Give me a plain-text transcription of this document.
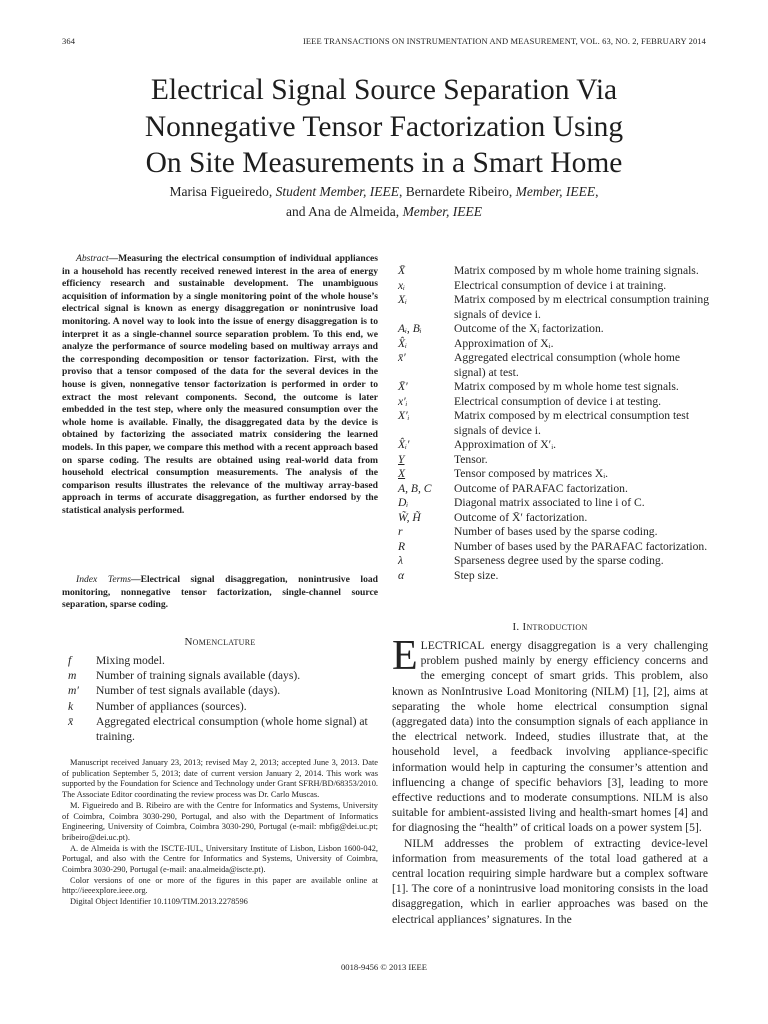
364	IEEE TRANSACTIONS ON INSTRUMENTATION AND MEASUREMENT, VOL. 63, NO. 2, FEBRUARY 2014
Electrical Signal Source Separation Via
Nonnegative Tensor Factorization Using
On Site Measurements in a Smart Home
Marisa Figueiredo, Student Member, IEEE, Bernardete Ribeiro, Member, IEEE,
and Ana de Almeida, Member, IEEE

Abstract—Measuring the electrical consumption of individual appliances in a household has recently received renewed interest in the area of energy efficiency research and sustainable development. The unambiguous acquisition of information by a single monitoring point of the whole house’s electrical signal is known as energy disaggregation or nonintrusive load monitoring. A novel way to look into the issue of energy disaggregation is to interpret it as a single-channel source separation problem. To this end, we analyze the performance of source modeling based on multiway arrays and the corresponding decomposition or tensor factorization. First, with the proviso that a tensor composed of the data for the several devices in the house is given, nonnegative tensor factorization is performed in order to extract the most relevant components. Second, the outcome is later embedded in the test step, where only the measured consumption over the whole home is available. Finally, the disaggregated data by the device is obtained by factorizing the associated matrix considering the learned models. In this paper, we compare this method with a recent approach based on sparse coding. The results are obtained using real-world data from household electrical consumption measurements. The analysis of the comparison results illustrates the relevance of the multiway array-based approach in terms of accurate disaggregation, as further endorsed by the statistical analysis performed.

Index Terms—Electrical signal disaggregation, nonintrusive load monitoring, nonnegative tensor factorization, single-channel source separation, sparse coding.

Nomenclature
f	Mixing model.
m	Number of training signals available (days).
m′	Number of test signals available (days).
k	Number of appliances (sources).
x̄	Aggregated electrical consumption (whole home signal) at training.

Manuscript received January 23, 2013; revised May 2, 2013; accepted June 3, 2013. Date of publication September 5, 2013; date of current version January 2, 2014. This work was supported by the Foundation for Science and Technology under Grant SFRH/BD/68353/2010. The Associate Editor coordinating the review process was Dr. Carlo Muscas.

M. Figueiredo and B. Ribeiro are with the Centre for Informatics and Systems, University of Coimbra, Coimbra 3030-290, Portugal, and also with the Department of Informatics Engineering, University of Coimbra, Coimbra 3030-290, Portugal (e-mail: mbfig@dei.uc.pt; bribeiro@dei.uc.pt).

A. de Almeida is with the ISCTE-IUL, Universitary Institute of Lisbon, Lisbon 1600-042, Portugal, and also with the Centre for Informatics and Systems, University of Coimbra, Coimbra 3030-290, Portugal (e-mail: ana.almeida@iscte.pt).

Color versions of one or more of the figures in this paper are available online at http://ieeexplore.ieee.org.

Digital Object Identifier 10.1109/TIM.2013.2278596

X̄	Matrix composed by m whole home training signals.
xᵢ	Electrical consumption of device i at training.
Xᵢ	Matrix composed by m electrical consumption training signals of device i.
Aᵢ, Bᵢ	Outcome of the Xᵢ factorization.
X̂ᵢ	Approximation of Xᵢ.
x̄′	Aggregated electrical consumption (whole home signal) at test.
X̄′	Matrix composed by m whole home test signals.
x′ᵢ	Electrical consumption of device i at testing.
X′ᵢ	Matrix composed by m electrical consumption test signals of device i.
X̂ᵢ′	Approximation of X′ᵢ.
Y	Tensor.
X	Tensor composed by matrices Xᵢ.
A, B, C	Outcome of PARAFAC factorization.
Dᵢ	Diagonal matrix associated to line i of C.
W̃, H̃	Outcome of X̄′ factorization.
r	Number of bases used by the sparse coding.
R	Number of bases used by the PARAFAC factorization.
λ	Sparseness degree used by the sparse coding.
α	Step size.
I. Introduction

ELECTRICAL energy disaggregation is a very challenging problem pushed mainly by energy efficiency concerns and the emerging concept of smart grids. This problem, also known as NonIntrusive Load Monitoring (NILM) [1], [2], aims at separating the whole home electrical consumption signal (aggregated data) into the consumption signals of each appliance in the electrical network. Indeed, studies illustrate that, at the household level, a feedback involving appliance-specific information would help in capturing the consumer’s attention and influencing a change of specific behaviors [3], leading to more effective reductions and to moderate consumptions. NILM is also suitable for ambient-assisted living and health-smart homes [4] and for diagnosing the “health” of critical loads on a power system [5].

NILM addresses the problem of extracting device-level information from measurements of the total load gathered at a central location requiring simple hardware but a complex software [1]. The core of a nonintrusive load monitoring consists in the load disaggregation, which in earlier approaches was based on the electrical appliances’ signatures. In the

0018-9456 © 2013 IEEE
